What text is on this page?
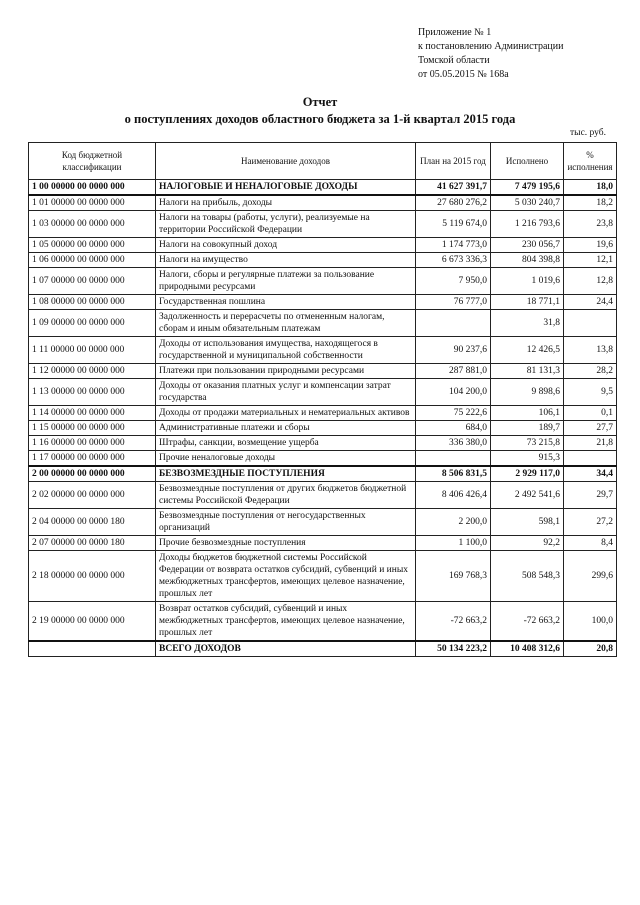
Приложение № 1
к постановлению Администрации
Томской области
от 05.05.2015 № 168а
Отчет
о поступлениях доходов областного бюджета за 1-й квартал 2015 года
тыс. руб.
Код бюджетной классификации	Наименование доходов	План на 2015 год	Исполнено	% исполнения
1 00 00000 00 0000 000	НАЛОГОВЫЕ И НЕНАЛОГОВЫЕ ДОХОДЫ	41 627 391,7	7 479 195,6	18,0
1 01 00000 00 0000 000	Налоги на прибыль, доходы	27 680 276,2	5 030 240,7	18,2
1 03 00000 00 0000 000	Налоги на товары (работы, услуги), реализуемые на территории Российской Федерации	5 119 674,0	1 216 793,6	23,8
1 05 00000 00 0000 000	Налоги на совокупный доход	1 174 773,0	230 056,7	19,6
1 06 00000 00 0000 000	Налоги на имущество	6 673 336,3	804 398,8	12,1
1 07 00000 00 0000 000	Налоги, сборы и регулярные платежи за пользование природными ресурсами	7 950,0	1 019,6	12,8
1 08 00000 00 0000 000	Государственная пошлина	76 777,0	18 771,1	24,4
1 09 00000 00 0000 000	Задолженность и перерасчеты по отмененным налогам, сборам и иным обязательным платежам		31,8	
1 11 00000 00 0000 000	Доходы от использования имущества, находящегося в государственной и муниципальной собственности	90 237,6	12 426,5	13,8
1 12 00000 00 0000 000	Платежи при пользовании природными ресурсами	287 881,0	81 131,3	28,2
1 13 00000 00 0000 000	Доходы от оказания платных услуг и компенсации затрат государства	104 200,0	9 898,6	9,5
1 14 00000 00 0000 000	Доходы от продажи материальных и нематериальных активов	75 222,6	106,1	0,1
1 15 00000 00 0000 000	Административные платежи и сборы	684,0	189,7	27,7
1 16 00000 00 0000 000	Штрафы, санкции, возмещение ущерба	336 380,0	73 215,8	21,8
1 17 00000 00 0000 000	Прочие неналоговые доходы		915,3	
2 00 00000 00 0000 000	БЕЗВОЗМЕЗДНЫЕ ПОСТУПЛЕНИЯ	8 506 831,5	2 929 117,0	34,4
2 02 00000 00 0000 000	Безвозмездные поступления от других бюджетов бюджетной системы Российской Федерации	8 406 426,4	2 492 541,6	29,7
2 04 00000 00 0000 180	Безвозмездные поступления от негосударственных организаций	2 200,0	598,1	27,2
2 07 00000 00 0000 180	Прочие безвозмездные поступления	1 100,0	92,2	8,4
2 18 00000 00 0000 000	Доходы бюджетов бюджетной системы Российской Федерации от возврата остатков субсидий, субвенций и иных межбюджетных трансфертов, имеющих целевое назначение, прошлых лет	169 768,3	508 548,3	299,6
2 19 00000 00 0000 000	Возврат остатков субсидий, субвенций и иных межбюджетных трансфертов, имеющих целевое назначение, прошлых лет	-72 663,2	-72 663,2	100,0
	ВСЕГО ДОХОДОВ	50 134 223,2	10 408 312,6	20,8
